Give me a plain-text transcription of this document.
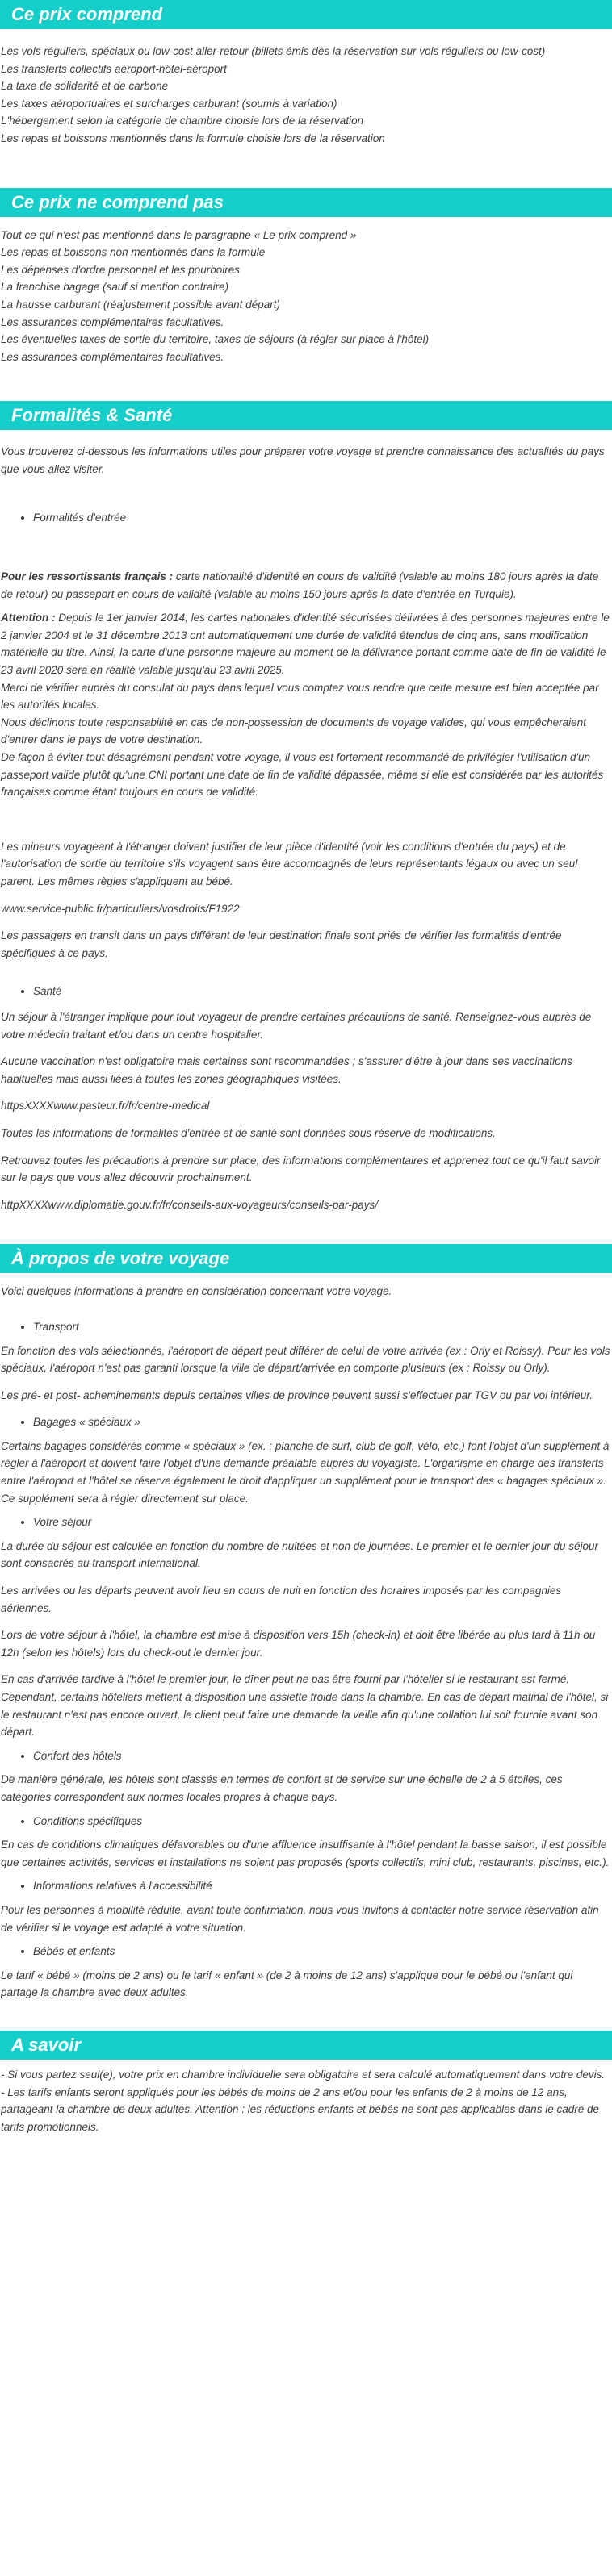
Ce prix comprend

Les vols réguliers, spéciaux ou low-cost aller-retour (billets émis dès la réservation sur vols réguliers ou low-cost)

Les transferts collectifs aéroport-hôtel-aéroport

La taxe de solidarité et de carbone

Les taxes aéroportuaires et surcharges carburant (soumis à variation)

L'hébergement selon la catégorie de chambre choisie lors de la réservation

Les repas et boissons mentionnés dans la formule choisie lors de la réservation

Ce prix ne comprend pas

Tout ce qui n'est pas mentionné dans le paragraphe « Le prix comprend »

Les repas et boissons non mentionnés dans la formule

Les dépenses d'ordre personnel et les pourboires

La franchise bagage (sauf si mention contraire)

La hausse carburant (réajustement possible avant départ)

Les assurances complémentaires facultatives.

Les éventuelles taxes de sortie du territoire, taxes de séjours (à régler sur place à l'hôtel)

Les assurances complémentaires facultatives.

Formalités & Santé

Vous trouverez ci-dessous les informations utiles pour préparer votre voyage et prendre connaissance des actualités du pays que vous allez visiter.

• Formalités d'entrée

Pour les ressortissants français : carte nationalité d'identité en cours de validité (valable au moins 180 jours après la date de retour) ou passeport en cours de validité (valable au moins 150 jours après la date d'entrée en Turquie).

Attention : Depuis le 1er janvier 2014, les cartes nationales d'identité sécurisées délivrées à des personnes majeures entre le 2 janvier 2004 et le 31 décembre 2013 ont automatiquement une durée de validité étendue de cinq ans, sans modification matérielle du titre. Ainsi, la carte d'une personne majeure au moment de la délivrance portant comme date de fin de validité le 23 avril 2020 sera en réalité valable jusqu'au 23 avril 2025.

Merci de vérifier auprès du consulat du pays dans lequel vous comptez vous rendre que cette mesure est bien acceptée par les autorités locales.

Nous déclinons toute responsabilité en cas de non-possession de documents de voyage valides, qui vous empêcheraient d'entrer dans le pays de votre destination.

De façon à éviter tout désagrément pendant votre voyage, il vous est fortement recommandé de privilégier l'utilisation d'un passeport valide plutôt qu'une CNI portant une date de fin de validité dépassée, même si elle est considérée par les autorités françaises comme étant toujours en cours de validité.

Les mineurs voyageant à l'étranger doivent justifier de leur pièce d'identité (voir les conditions d'entrée du pays) et de l'autorisation de sortie du territoire s'ils voyagent sans être accompagnés de leurs représentants légaux ou avec un seul parent. Les mêmes règles s'appliquent au bébé.

www.service-public.fr/particuliers/vosdroits/F1922

Les passagers en transit dans un pays différent de leur destination finale sont priés de vérifier les formalités d'entrée spécifiques à ce pays.

• Santé

Un séjour à l'étranger implique pour tout voyageur de prendre certaines précautions de santé. Renseignez-vous auprès de votre médecin traitant et/ou dans un centre hospitalier.

Aucune vaccination n'est obligatoire mais certaines sont recommandées ; s'assurer d'être à jour dans ses vaccinations habituelles mais aussi liées à toutes les zones géographiques visitées.

httpsXXXXwww.pasteur.fr/fr/centre-medical

Toutes les informations de formalités d'entrée et de santé sont données sous réserve de modifications.

Retrouvez toutes les précautions à prendre sur place, des informations complémentaires et apprenez tout ce qu'il faut savoir sur le pays que vous allez découvrir prochainement.

httpXXXXwww.diplomatie.gouv.fr/fr/conseils-aux-voyageurs/conseils-par-pays/

À propos de votre voyage

Voici quelques informations à prendre en considération concernant votre voyage.

• Transport

En fonction des vols sélectionnés, l'aéroport de départ peut différer de celui de votre arrivée (ex : Orly et Roissy). Pour les vols spéciaux, l'aéroport n'est pas garanti lorsque la ville de départ/arrivée en comporte plusieurs (ex : Roissy ou Orly).

Les pré- et post- acheminements depuis certaines villes de province peuvent aussi s'effectuer par TGV ou par vol intérieur.

• Bagages « spéciaux »

Certains bagages considérés comme « spéciaux » (ex. : planche de surf, club de golf, vélo, etc.) font l'objet d'un supplément à régler à l'aéroport et doivent faire l'objet d'une demande préalable auprès du voyagiste. L'organisme en charge des transferts entre l'aéroport et l'hôtel se réserve également le droit d'appliquer un supplément pour le transport des « bagages spéciaux ». Ce supplément sera à régler directement sur place.

• Votre séjour

La durée du séjour est calculée en fonction du nombre de nuitées et non de journées. Le premier et le dernier jour du séjour sont consacrés au transport international.

Les arrivées ou les départs peuvent avoir lieu en cours de nuit en fonction des horaires imposés par les compagnies aériennes.

Lors de votre séjour à l'hôtel, la chambre est mise à disposition vers 15h (check-in) et doit être libérée au plus tard à 11h ou 12h (selon les hôtels) lors du check-out le dernier jour.

En cas d'arrivée tardive à l'hôtel le premier jour, le dîner peut ne pas être fourni par l'hôtelier si le restaurant est fermé. Cependant, certains hôteliers mettent à disposition une assiette froide dans la chambre. En cas de départ matinal de l'hôtel, si le restaurant n'est pas encore ouvert, le client peut faire une demande la veille afin qu'une collation lui soit fournie avant son départ.

• Confort des hôtels

De manière générale, les hôtels sont classés en termes de confort et de service sur une échelle de 2 à 5 étoiles, ces catégories correspondent aux normes locales propres à chaque pays.

• Conditions spécifiques

En cas de conditions climatiques défavorables ou d'une affluence insuffisante à l'hôtel pendant la basse saison, il est possible que certaines activités, services et installations ne soient pas proposés (sports collectifs, mini club, restaurants, piscines, etc.).

• Informations relatives à l'accessibilité

Pour les personnes à mobilité réduite, avant toute confirmation, nous vous invitons à contacter notre service réservation afin de vérifier si le voyage est adapté à votre situation.

• Bébés et enfants

Le tarif « bébé » (moins de 2 ans) ou le tarif « enfant » (de 2 à moins de 12 ans) s'applique pour le bébé ou l'enfant qui partage la chambre avec deux adultes.

A savoir

- Si vous partez seul(e), votre prix en chambre individuelle sera obligatoire et sera calculé automatiquement dans votre devis.

- Les tarifs enfants seront appliqués pour les bébés de moins de 2 ans et/ou pour les enfants de 2 à moins de 12 ans, partageant la chambre de deux adultes. Attention : les réductions enfants et bébés ne sont pas applicables dans le cadre de tarifs promotionnels.
